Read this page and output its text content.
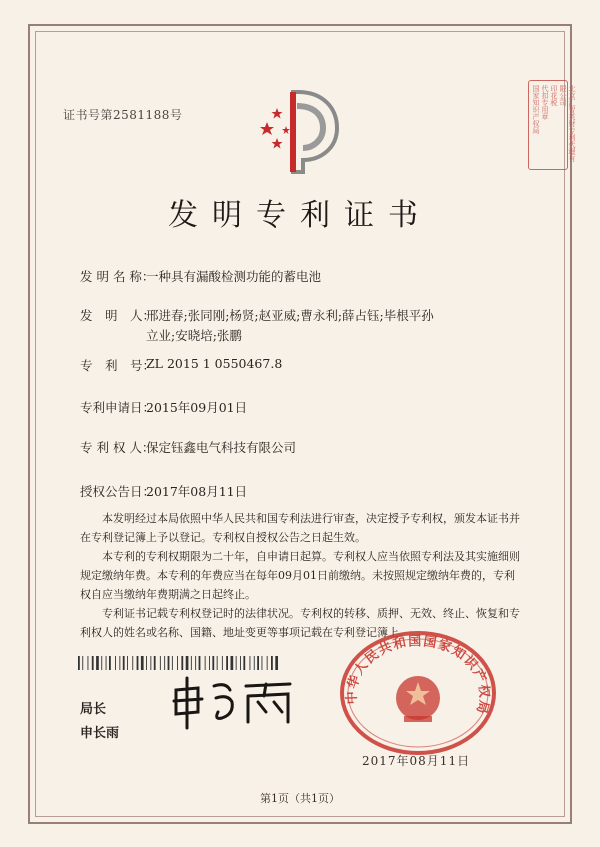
证书号第2581188号	北京汇智英财专利代理有限公司
印花税
代扣专用章
国家知识产权局
发明专利证书
发 明 名 称：
一种具有漏酸检测功能的蓄电池
发　明　人：
邢进春;张同刚;杨贤;赵亚威;曹永利;薛占钰;毕根平孙立业;安晓培;张鹏
专　利　号：
ZL 2015 1 0550467.8
专利申请日：
2015年09月01日
专 利 权 人：
保定钰鑫电气科技有限公司
授权公告日：
2017年08月11日

本发明经过本局依照中华人民共和国专利法进行审查，决定授予专利权，颁发本证书并在专利登记簿上予以登记。专利权自授权公告之日起生效。

本专利的专利权期限为二十年，自申请日起算。专利权人应当依照专利法及其实施细则规定缴纳年费。本专利的年费应当在每年09月01日前缴纳。未按照规定缴纳年费的，专利权自应当缴纳年费期满之日起终止。

专利证书记载专利权登记时的法律状况。专利权的转移、质押、无效、终止、恢复和专利权人的姓名或名称、国籍、地址变更等事项记载在专利登记簿上。

局长
申长雨
中华人民共和国国家知识产权局
2017年08月11日
第1页（共1页）
